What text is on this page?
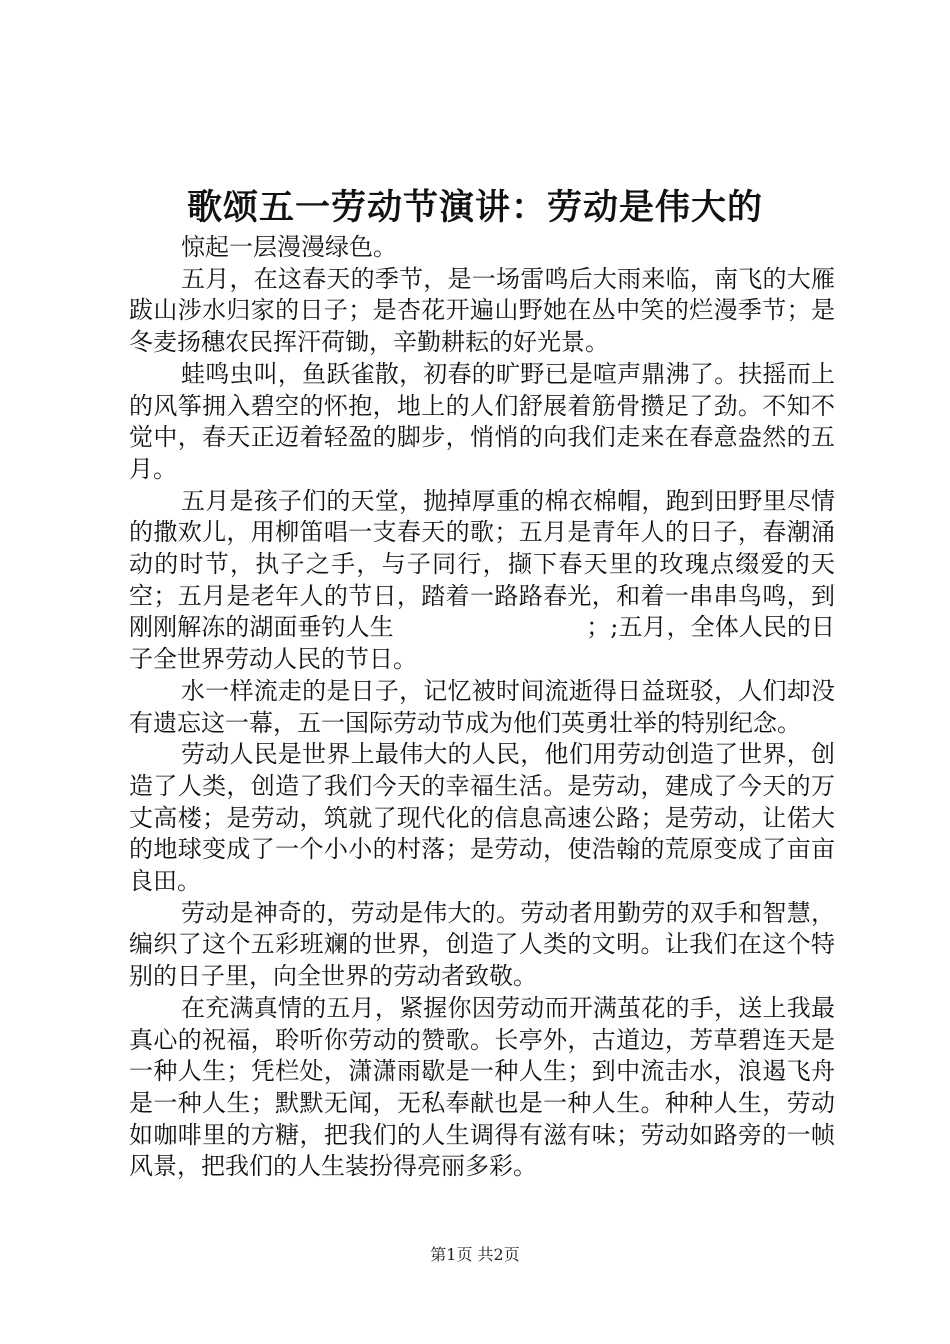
歌颂五一劳动节演讲：劳动是伟大的

惊起一层漫漫绿色。

五月，在这春天的季节，是一场雷鸣后大雨来临，南飞的大雁跋山涉水归家的日子；是杏花开遍山野她在丛中笑的烂漫季节；是冬麦扬穗农民挥汗荷锄，辛勤耕耘的好光景。

蛙鸣虫叫，鱼跃雀散，初春的旷野已是喧声鼎沸了。扶摇而上的风筝拥入碧空的怀抱，地上的人们舒展着筋骨攒足了劲。不知不觉中，春天正迈着轻盈的脚步，悄悄的向我们走来在春意盎然的五月。

五月是孩子们的天堂，抛掉厚重的棉衣棉帽，跑到田野里尽情的撒欢儿，用柳笛唱一支春天的歌；五月是青年人的日子，春潮涌动的时节，执子之手，与子同行，撷下春天里的玫瑰点缀爱的天空；五月是老年人的节日，踏着一路路春光，和着一串串鸟鸣，到刚刚解冻的湖面垂钓人生　　　　　　　　；;五月，全体人民的日子全世界劳动人民的节日。

水一样流走的是日子，记忆被时间流逝得日益斑驳，人们却没有遗忘这一幕，五一国际劳动节成为他们英勇壮举的特别纪念。

劳动人民是世界上最伟大的人民，他们用劳动创造了世界，创造了人类，创造了我们今天的幸福生活。是劳动，建成了今天的万丈高楼；是劳动，筑就了现代化的信息高速公路；是劳动，让偌大的地球变成了一个小小的村落；是劳动，使浩翰的荒原变成了亩亩良田。

劳动是神奇的，劳动是伟大的。劳动者用勤劳的双手和智慧，编织了这个五彩班斓的世界，创造了人类的文明。让我们在这个特别的日子里，向全世界的劳动者致敬。

在充满真情的五月，紧握你因劳动而开满茧花的手，送上我最真心的祝福，聆听你劳动的赞歌。长亭外，古道边，芳草碧连天是一种人生；凭栏处，潇潇雨歇是一种人生；到中流击水，浪遏飞舟是一种人生；默默无闻，无私奉献也是一种人生。种种人生，劳动如咖啡里的方糖，把我们的人生调得有滋有味；劳动如路旁的一帧风景，把我们的人生装扮得亮丽多彩。

第1页 共2页
